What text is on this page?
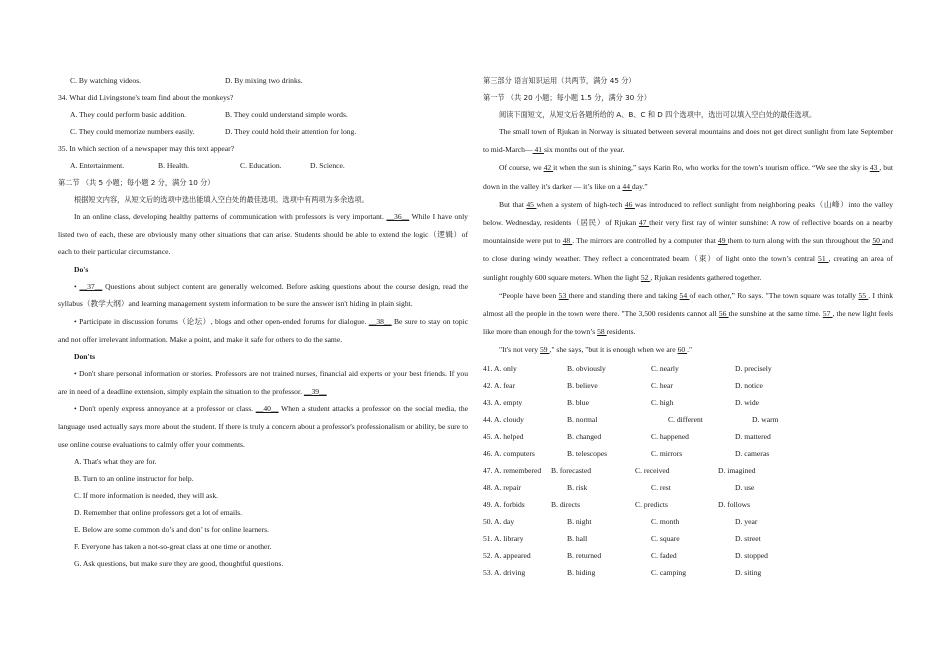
C. By watching videos.	D. By mixing two drinks.
34. What did Livingstone's team find about the monkeys?
A. They could perform basic addition.	B. They could understand simple words.
C. They could memorize numbers easily.	D. They could hold their attention for long.
35. In which section of a newspaper may this text appear?
A. Entertainment.	B. Health.	C. Education.	D. Science.
第二节 （共 5 小题；每小题 2 分，满分 10 分）
根据短文内容，从短文后的选项中选出能填入空白处的最佳选项。选项中有两项为多余选项。

In an online class, developing healthy patterns of communication with professors is very important. __36__ While I have only listed two of each, these are obviously many other situations that can arise. Students should be able to extend the logic（逻辑）of each to their particular circumstance.

Do's

• __37__ Questions about subject content are generally welcomed. Before asking questions about the course design, read the syllabus（教学大纲）and learning management system information to be sure the answer isn't hiding in plain sight.

• Participate in discussion forums（论坛）, blogs and other open-ended forums for dialogue. __38__ Be sure to stay on topic and not offer irrelevant information. Make a point, and make it safe for others to do the same.

Don'ts

• Don't share personal information or stories. Professors are not trained nurses, financial aid experts or your best friends. If you are in need of a deadline extension, simply explain the situation to the professor. __39__

• Don't openly express annoyance at a professor or class. __40__ When a student attacks a professor on the social media, the language used actually says more about the student. If there is truly a concern about a professor's professionalism or ability, be sure to use online course evaluations to calmly offer your comments.

A. That's what they are for.
B. Turn to an online instructor for help.
C. If more information is needed, they will ask.
D. Remember that online professors get a lot of emails.
E. Below are some common do’s and don’ ts for online learners.
F. Everyone has taken a not-so-great class at one time or another.
G. Ask questions, but make sure they are good, thoughtful questions.
第三部分 语言知识运用（共两节，满分 45 分）
第一节 （共 20 小题；每小题 1.5 分，满分 30 分）
阅读下面短文，从短文后各题所给的 A、B、C 和 D 四个选项中，选出可以填入空白处的最佳选项。

The small town of Rjukan in Norway is situated between several mountains and does not get direct sunlight from late September to mid-March— 41 six months out of the year.

Of course, we 42 it when the sun is shining,” says Karin Ro, who works for the town’s tourism office. “We see the sky is 43 , but down in the valley it’s darker — it’s like on a 44 day.”

But that 45 when a system of high-tech 46 was introduced to reflect sunlight from neighboring peaks（山峰）into the valley below. Wednesday, residents（居民）of Rjukan 47 their very first ray of winter sunshine: A row of reflective boards on a nearby mountainside were put to 48 . The mirrors are controlled by a computer that 49 them to turn along with the sun throughout the 50 and to close during windy weather. They reflect a concentrated beam（束）of light onto the town’s central 51 , creating an area of sunlight roughly 600 square meters. When the light 52 , Rjukan residents gathered together.

“People have been 53 there and standing there and taking 54 of each other,” Ro says. "The town square was totally 55 . I think almost all the people in the town were there. "The 3,500 residents cannot all 56 the sunshine at the same time. 57 , the new light feels like more than enough for the town’s 58 residents.

"It's not very 59 ," she says, "but it is enough when we are 60 ."

41. A. only	B. obviously	C. nearly	D. precisely
42. A. fear	B. believe	C. hear	D. notice
43. A. empty	B. blue	C. high	D. wide
44. A. cloudy	B. normal	C. different	D. warm
45. A. helped	B. changed	C. happened	D. mattered
46. A. computers	B. telescopes	C. mirrors	D. cameras
47. A. remembered B. forecasted	C. received	D. imagined
48. A. repair	B. risk	C. rest	D. use
49. A. forbids	B. directs	C. predicts	D. follows
50. A. day	B. night	C. month	D. year
51. A. library	B. hall	C. square	D. street
52. A. appeared	B. returned	C. faded	D. stopped
53. A. driving	B. hiding	C. camping	D. siting
